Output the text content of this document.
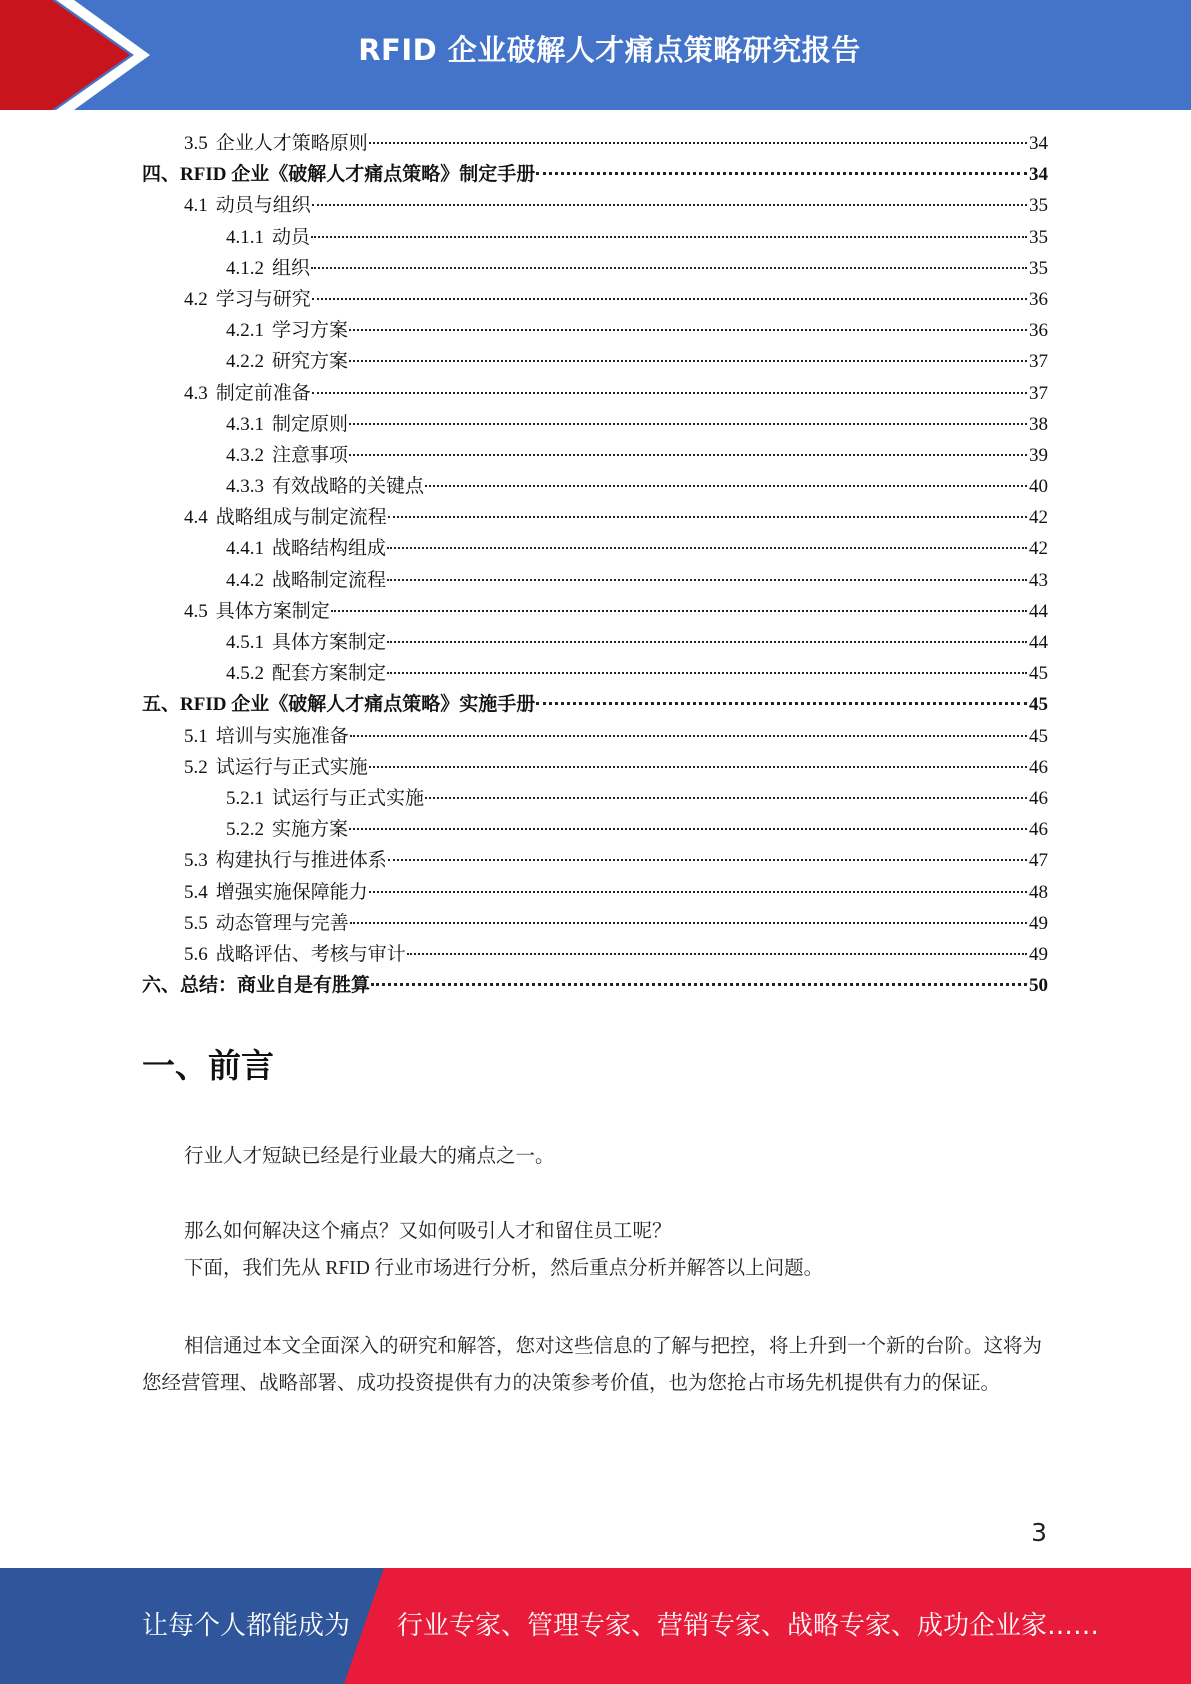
RFID 企业破解人才痛点策略研究报告
3.5 企业人才策略原则	34
四、RFID 企业《破解人才痛点策略》制定手册	34
4.1 动员与组织	35
4.1.1 动员	35
4.1.2 组织	35
4.2 学习与研究	36
4.2.1 学习方案	36
4.2.2 研究方案	37
4.3 制定前准备	37
4.3.1 制定原则	38
4.3.2 注意事项	39
4.3.3 有效战略的关键点	40
4.4 战略组成与制定流程	42
4.4.1 战略结构组成	42
4.4.2 战略制定流程	43
4.5 具体方案制定	44
4.5.1 具体方案制定	44
4.5.2 配套方案制定	45
五、RFID 企业《破解人才痛点策略》实施手册	45
5.1 培训与实施准备	45
5.2 试运行与正式实施	46
5.2.1 试运行与正式实施	46
5.2.2 实施方案	46
5.3 构建执行与推进体系	47
5.4 增强实施保障能力	48
5.5 动态管理与完善	49
5.6 战略评估、考核与审计	49
六、总结：商业自是有胜算	50
一、前言
行业人才短缺已经是行业最大的痛点之一。
那么如何解决这个痛点？又如何吸引人才和留住员工呢？
下面，我们先从 RFID 行业市场进行分析，然后重点分析并解答以上问题。
相信通过本文全面深入的研究和解答，您对这些信息的了解与把控，将上升到一个新的台阶。这将为您经营管理、战略部署、成功投资提供有力的决策参考价值，也为您抢占市场先机提供有力的保证。
3
让每个人都能成为 行业专家、管理专家、营销专家、战略专家、成功企业家……
